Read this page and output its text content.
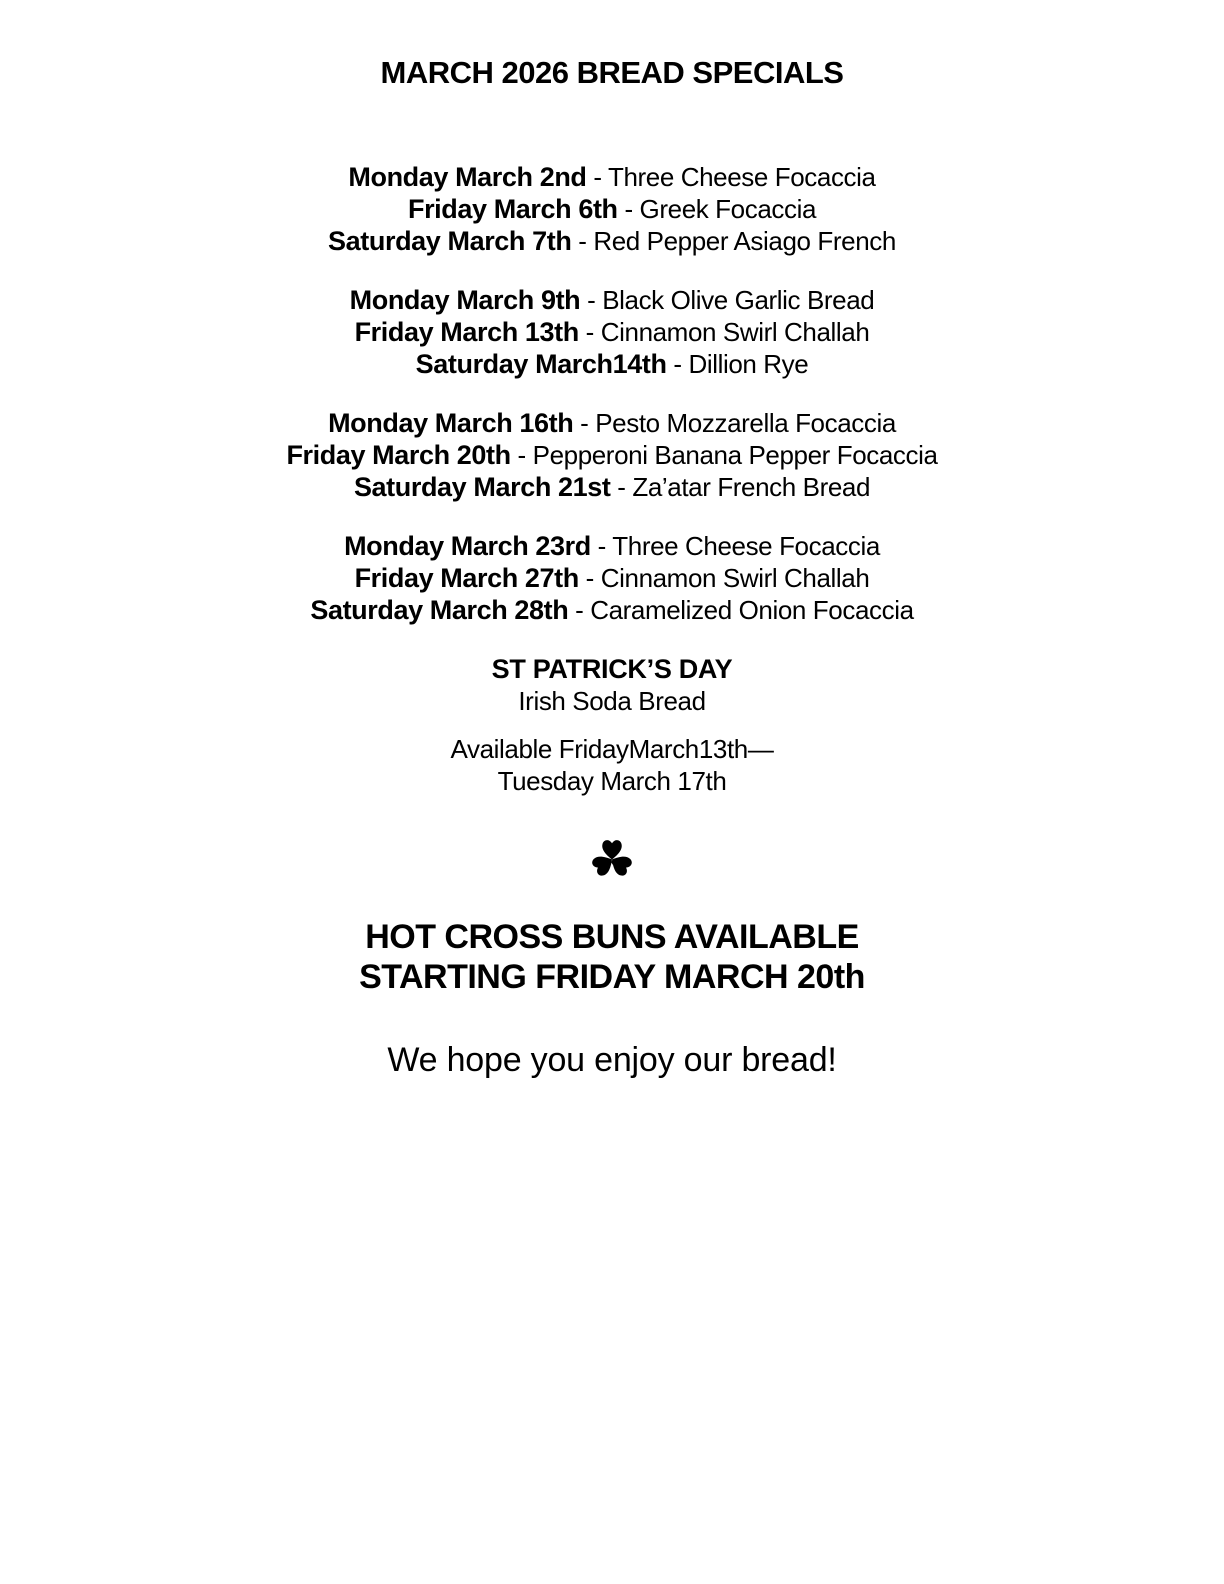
MARCH 2026 BREAD SPECIALS

Monday March 2nd - Three Cheese Focaccia

Friday March 6th - Greek Focaccia

Saturday March 7th - Red Pepper Asiago French

Monday March 9th - Black Olive Garlic Bread

Friday March 13th - Cinnamon Swirl Challah

Saturday March14th - Dillion Rye

Monday March 16th - Pesto Mozzarella Focaccia

Friday March 20th - Pepperoni Banana Pepper Focaccia

Saturday March 21st - Za’atar French Bread

Monday March 23rd - Three Cheese Focaccia

Friday March 27th - Cinnamon Swirl Challah

Saturday March 28th - Caramelized Onion Focaccia

ST PATRICK’S DAY

Irish Soda Bread

Available FridayMarch13th—
Tuesday March 17th

HOT CROSS BUNS AVAILABLE
STARTING FRIDAY MARCH 20th

We hope you enjoy our bread!
